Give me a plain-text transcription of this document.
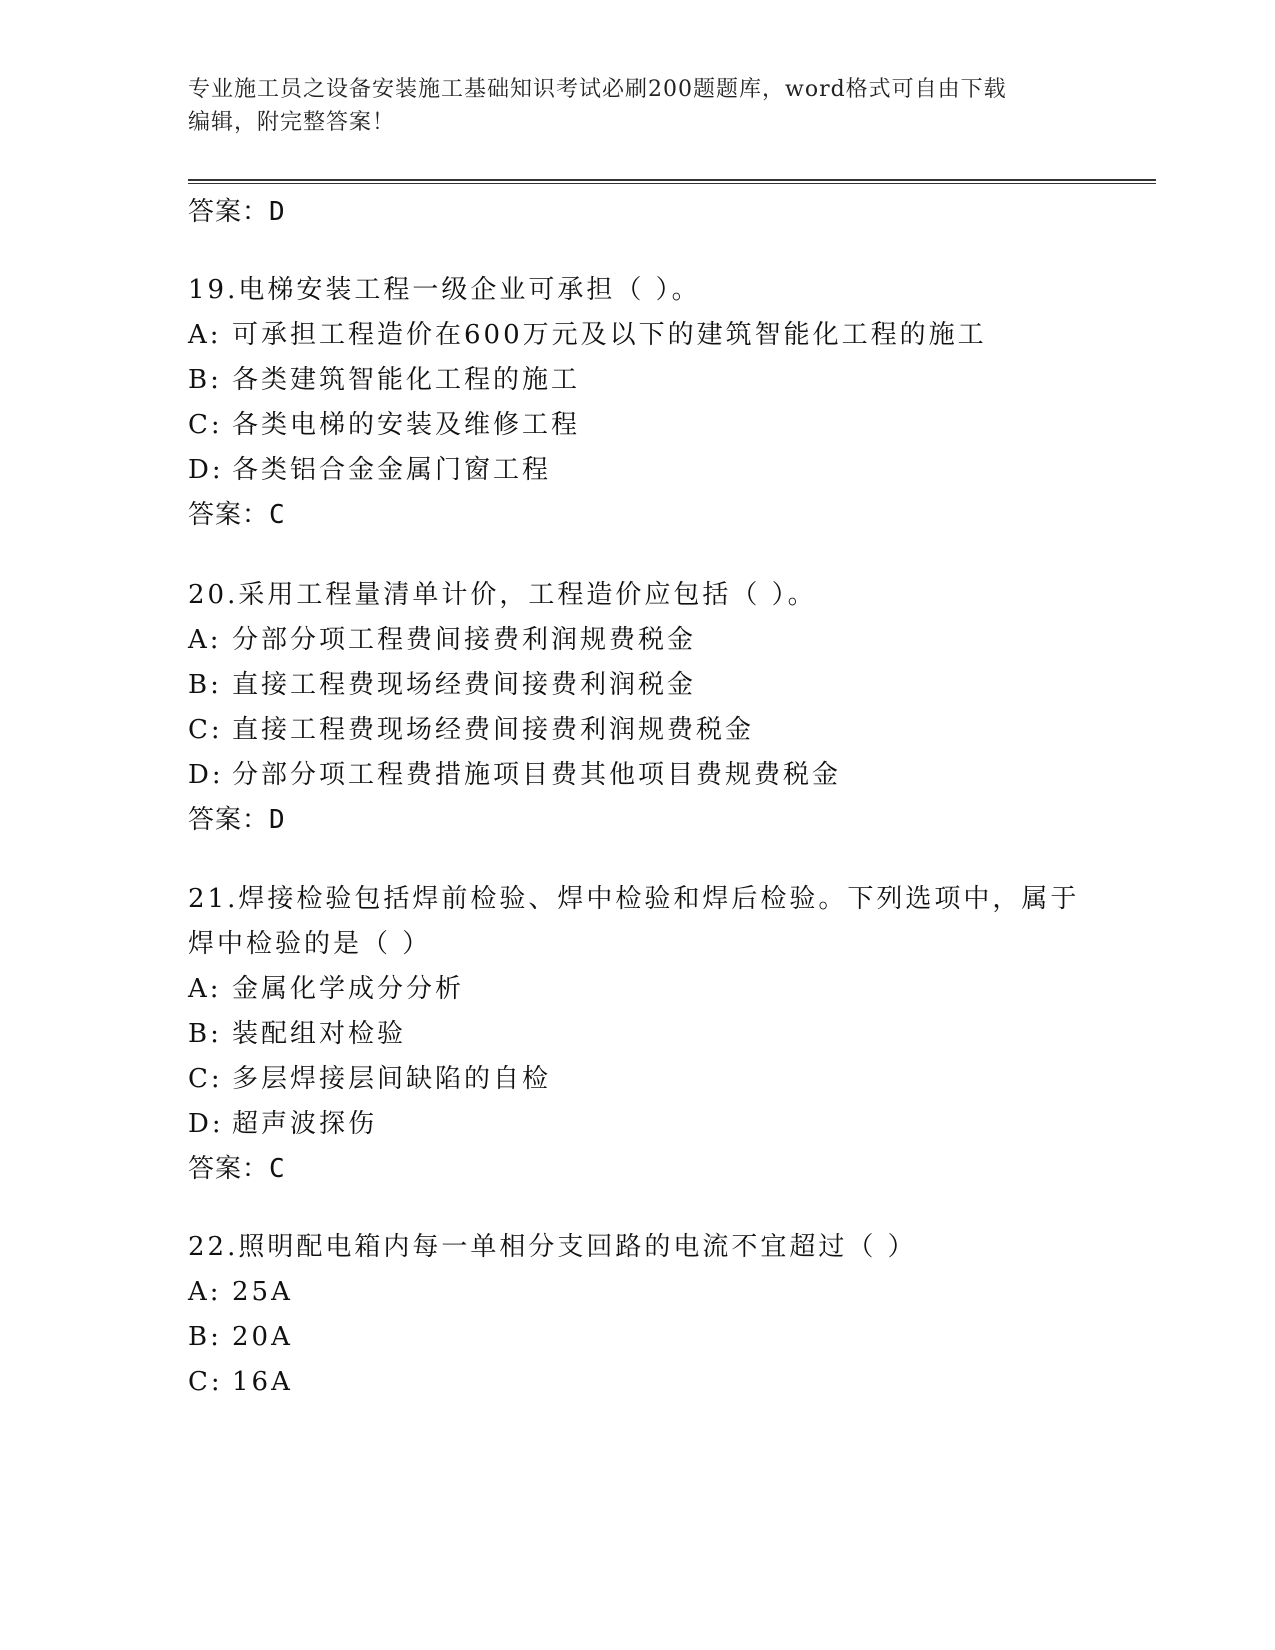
专业施工员之设备安装施工基础知识考试必刷200题题库，word格式可自由下载
编辑，附完整答案！
答案：D
19.电梯安装工程一级企业可承担（ ）。
A: 可承担工程造价在600万元及以下的建筑智能化工程的施工
B: 各类建筑智能化工程的施工
C: 各类电梯的安装及维修工程
D: 各类铝合金金属门窗工程
答案：C
20.采用工程量清单计价，工程造价应包括（ ）。
A: 分部分项工程费间接费利润规费税金
B: 直接工程费现场经费间接费利润税金
C: 直接工程费现场经费间接费利润规费税金
D: 分部分项工程费措施项目费其他项目费规费税金
答案：D
21.焊接检验包括焊前检验、焊中检验和焊后检验。下列选项中，属于
焊中检验的是（ ）
A: 金属化学成分分析
B: 装配组对检验
C: 多层焊接层间缺陷的自检
D: 超声波探伤
答案：C
22.照明配电箱内每一单相分支回路的电流不宜超过（ ）
A: 25A
B: 20A
C: 16A
